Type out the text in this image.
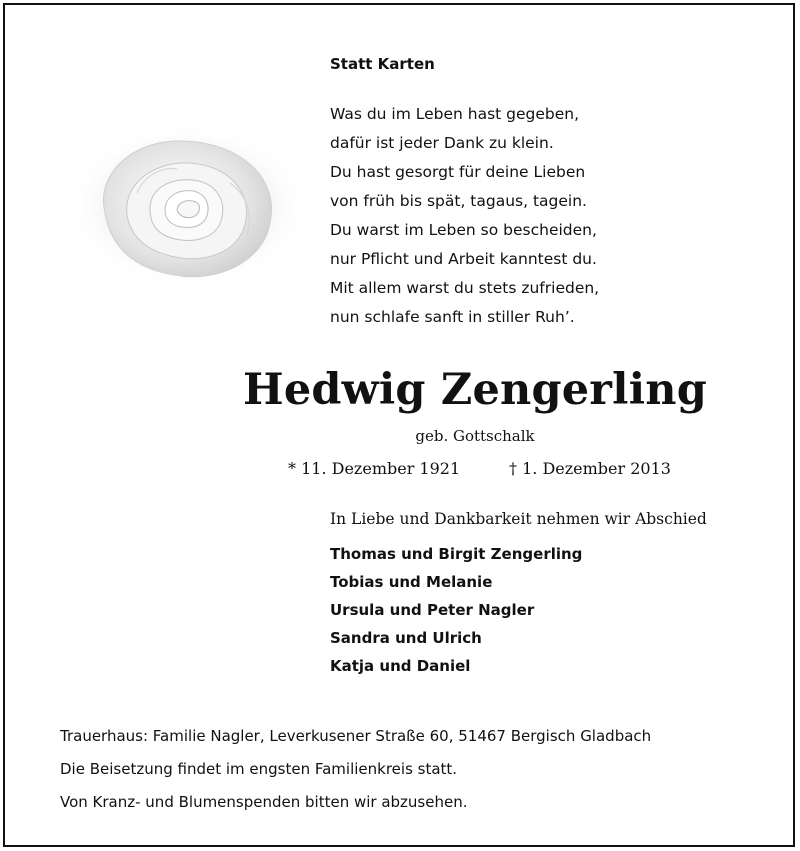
Statt Karten
Was du im Leben hast gegeben,
dafür ist jeder Dank zu klein.
Du hast gesorgt für deine Lieben
von früh bis spät, tagaus, tagein.
Du warst im Leben so bescheiden,
nur Pflicht und Arbeit kanntest du.
Mit allem warst du stets zufrieden,
nun schlafe sanft in stiller Ruh’.
Hedwig Zengerling
geb. Gottschalk
* 11. Dezember 1921	† 1. Dezember 2013
In Liebe und Dankbarkeit nehmen wir Abschied
Thomas und Birgit Zengerling
Tobias und Melanie
Ursula und Peter Nagler
Sandra und Ulrich
Katja und Daniel
Trauerhaus: Familie Nagler, Leverkusener Straße 60, 51467 Bergisch Gladbach
Die Beisetzung findet im engsten Familienkreis statt.
Von Kranz- und Blumenspenden bitten wir abzusehen.
